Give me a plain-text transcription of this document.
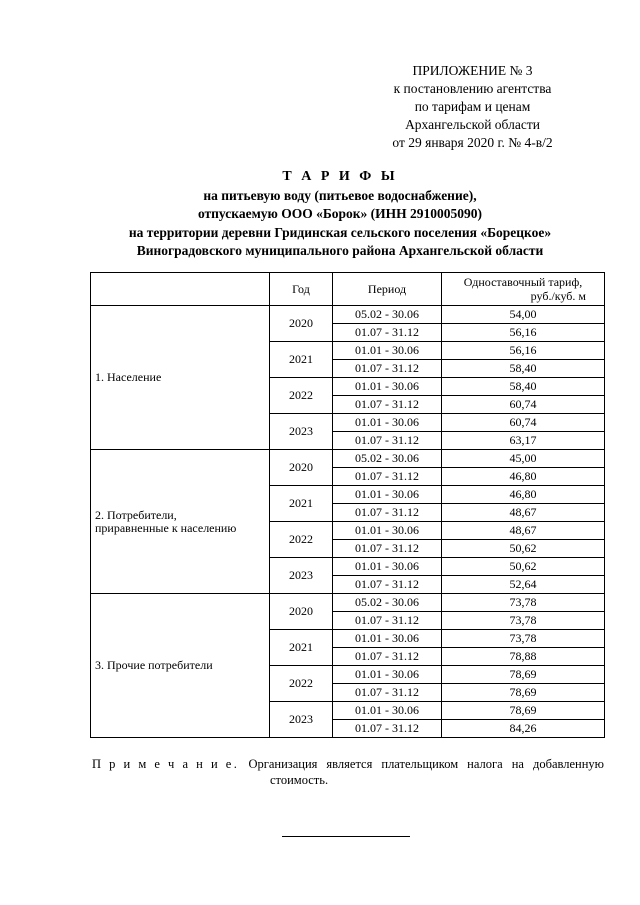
ПРИЛОЖЕНИЕ № 3
к постановлению агентства
по тарифам и ценам
Архангельской области
от 29 января 2020 г. № 4-в/2
Т А Р И Ф Ы
на питьевую воду (питьевое водоснабжение),
отпускаемую ООО «Борок» (ИНН 2910005090)
на территории деревни Гридинская сельского поселения «Борецкое»
Виноградовского муниципального района Архангельской области
	Год	Период	Одноставочный тариф,
руб./куб. м

1. Население	2020	05.02 - 30.06	54,00
		01.07 - 31.12	56,16
	2021	01.01 - 30.06	56,16
		01.07 - 31.12	58,40
	2022	01.01 - 30.06	58,40
		01.07 - 31.12	60,74
	2023	01.01 - 30.06	60,74
		01.07 - 31.12	63,17

2. Потребители,
приравненные к населению	2020	05.02 - 30.06	45,00
		01.07 - 31.12	46,80
	2021	01.01 - 30.06	46,80
		01.07 - 31.12	48,67
	2022	01.01 - 30.06	48,67
		01.07 - 31.12	50,62
	2023	01.01 - 30.06	50,62
		01.07 - 31.12	52,64

3. Прочие потребители	2020	05.02 - 30.06	73,78
		01.07 - 31.12	73,78
	2021	01.01 - 30.06	73,78
		01.07 - 31.12	78,88
	2022	01.01 - 30.06	78,69
		01.07 - 31.12	78,69
	2023	01.01 - 30.06	78,69
		01.07 - 31.12	84,26
П р и м е ч а н и е. Организация является плательщиком налога на добавленную
стоимость.
